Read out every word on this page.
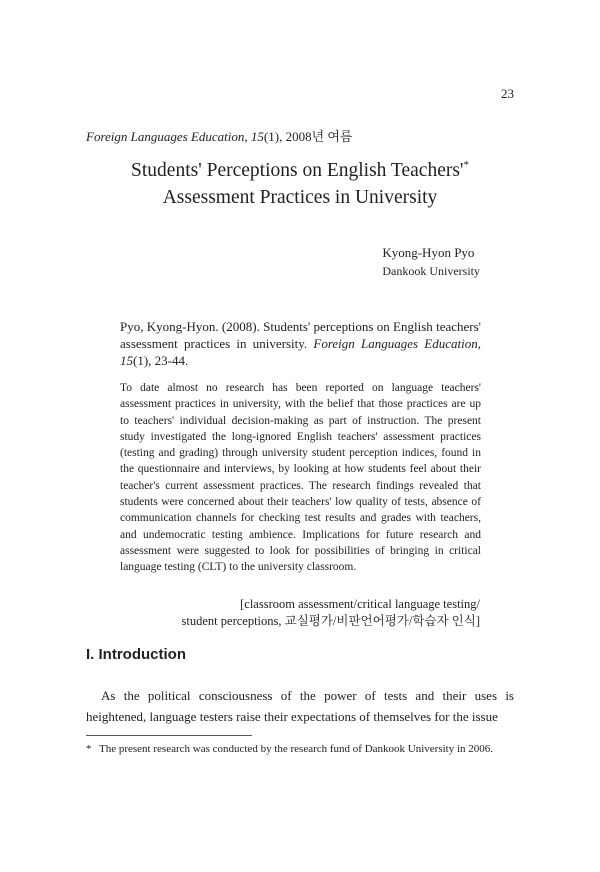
23
Foreign Languages Education, 15(1), 2008년 여름
Students' Perceptions on English Teachers'*
Assessment Practices in University
Kyong-Hyon Pyo
Dankook University
Pyo, Kyong-Hyon. (2008). Students' perceptions on English teachers' assessment practices in university. Foreign Languages Education, 15(1), 23-44.
To date almost no research has been reported on language teachers' assessment practices in university, with the belief that those practices are up to teachers' individual decision-making as part of instruction. The present study investigated the long-ignored English teachers' assessment practices (testing and grading) through university student perception indices, found in the questionnaire and interviews, by looking at how students feel about their teacher's current assessment practices. The research findings revealed that students were concerned about their teachers' low quality of tests, absence of communication channels for checking test results and grades with teachers, and undemocratic testing ambience. Implications for future research and assessment were suggested to look for possibilities of bringing in critical language testing (CLT) to the university classroom.
[classroom assessment/critical language testing/
student perceptions, 교실평가/비판언어평가/학습자 인식]
I. Introduction

As the political consciousness of the power of tests and their uses is heightened, language testers raise their expectations of themselves for the issue

* The present research was conducted by the research fund of Dankook University in 2006.
